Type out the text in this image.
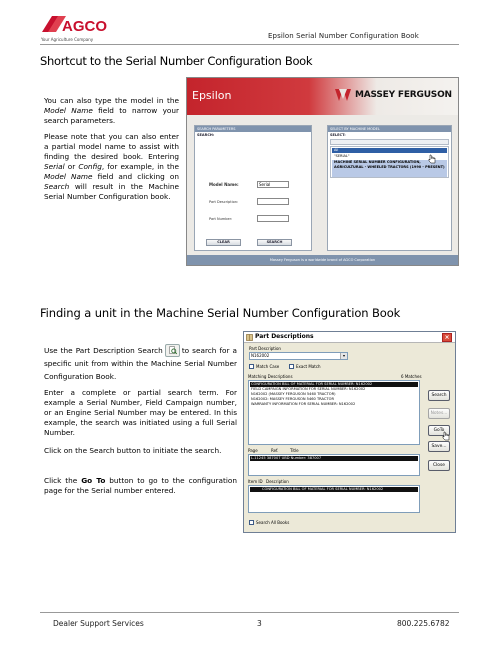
AGCO
Your Agriculture Company	Epsilon Serial Number Configuration Book
Shortcut to the Serial Number Configuration Book

You can also type the model in the Model Name field to narrow your search parameters.

Please note that you can also enter a partial model name to assist with finding the desired book. Entering Serial or Config, for example, in the Model Name field and clicking on Search will result in the Machine Serial Number Configuration book.

Epsilon	MASSEY FERGUSON
SEARCH PARAMETERS
SEARCH:
Model Name:	Serial
Part Description:
Part Number:
CLEAR	SEARCH
SELECT BY MACHINE MODEL
SELECT:
All
"SERIAL"
MACHINE SERIAL NUMBER CONFIGURATION, AGRICULTURAL - WHEELED TRACTORS (1990 - PRESENT)
Massey Ferguson is a worldwide brand of AGCO Corporation
Finding a unit in the Machine Serial Number Configuration Book

Use the Part Description Search	to search for a specific unit from within the Machine Serial Number Configuration Book.

Enter a complete or partial search term. For example a Serial Number, Field Campaign number, or an Engine Serial Number may be entered. In this example, the search was initiated using a full Serial Number.

Click on the Search button to initiate the search.

Click the Go To button to go to the configuration page for the Serial number entered.

Part Descriptions	×
Part Description
N162002	▾
Match Case	Exact Match
Matching Descriptions	6 Matches
CONFIGURATION BILL OF MATERIAL FOR SERIAL NUMBER: N162002
FIELD CAMPAIGN INFORMATION FOR SERIAL NUMBER: N162002
N162002 (MASSEY FERGUSON 5460 TRACTOR)
N162002: MASSEY FERGUSON 5460 TRACTOR
WARRANTY INFORMATION FOR SERIAL NUMBER: N162002
Page	Ref.	Title
L-11245 387007 UBD Number: 387007
Item ID Description
CONFIGURATION BILL OF MATERIAL FOR SERIAL NUMBER: N162002
Search All Books
Search
Notes...
GoTo
Save...
Close
Dealer Support Services	3	800.225.6782
